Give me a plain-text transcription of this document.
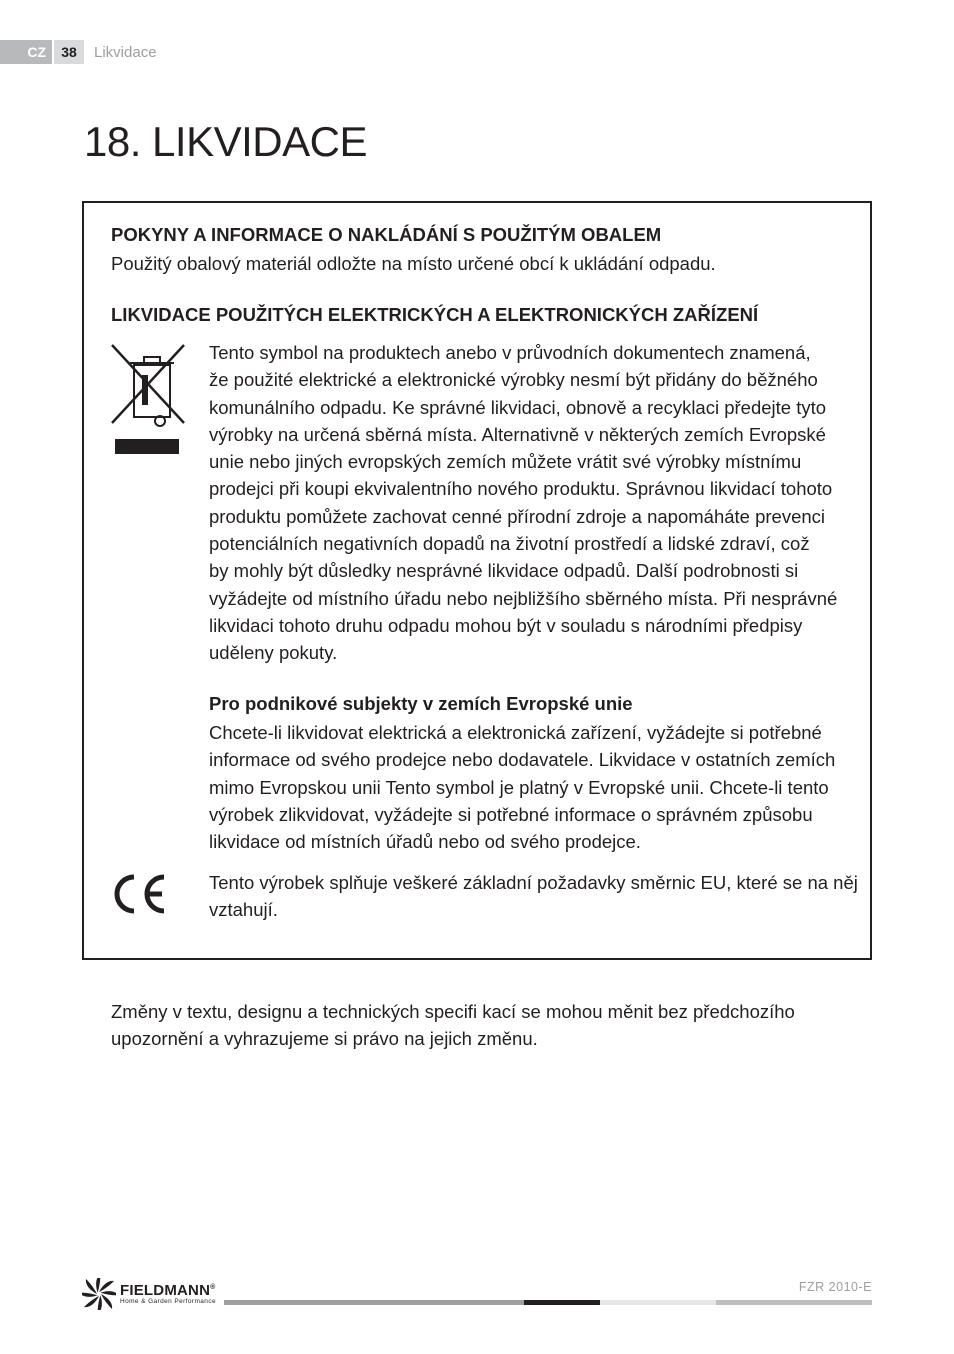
CZ	38	Likvidace
18. LIKVIDACE
POKYNY A INFORMACE O NAKLÁDÁNÍ S POUŽITÝM OBALEM

Použitý obalový materiál odložte na místo určené obcí k ukládání odpadu.

LIKVIDACE POUŽITÝCH ELEKTRICKÝCH A ELEKTRONICKÝCH ZAŘÍZENÍ

Tento symbol na produktech anebo v průvodních dokumentech znamená,
že použité elektrické a elektronické výrobky nesmí být přidány do běžného
komunálního odpadu. Ke správné likvidaci, obnově a recyklaci předejte tyto
výrobky na určená sběrná místa. Alternativně v některých zemích Evropské
unie nebo jiných evropských zemích můžete vrátit své výrobky místnímu
prodejci při koupi ekvivalentního nového produktu. Správnou likvidací tohoto
produktu pomůžete zachovat cenné přírodní zdroje a napomáháte prevenci
potenciálních negativních dopadů na životní prostředí a lidské zdraví, což
by mohly být důsledky nesprávné likvidace odpadů. Další podrobnosti si
vyžádejte od místního úřadu nebo nejbližšího sběrného místa. Při nesprávné
likvidaci tohoto druhu odpadu mohou být v souladu s národními předpisy
uděleny pokuty.

Pro podnikové subjekty v zemích Evropské unie

Chcete-li likvidovat elektrická a elektronická zařízení, vyžádejte si potřebné
informace od svého prodejce nebo dodavatele. Likvidace v ostatních zemích
mimo Evropskou unii Tento symbol je platný v Evropské unii. Chcete-li tento
výrobek zlikvidovat, vyžádejte si potřebné informace o správném způsobu
likvidace od místních úřadů nebo od svého prodejce.

Tento výrobek splňuje veškeré základní požadavky směrnic EU, které se na něj
vztahují.

Změny v textu, designu a technických specifi kací se mohou měnit bez předchozího
upozornění a vyhrazujeme si právo na jejich změnu.

FIELDMANN®
Home & Garden Performance
FZR 2010-E
